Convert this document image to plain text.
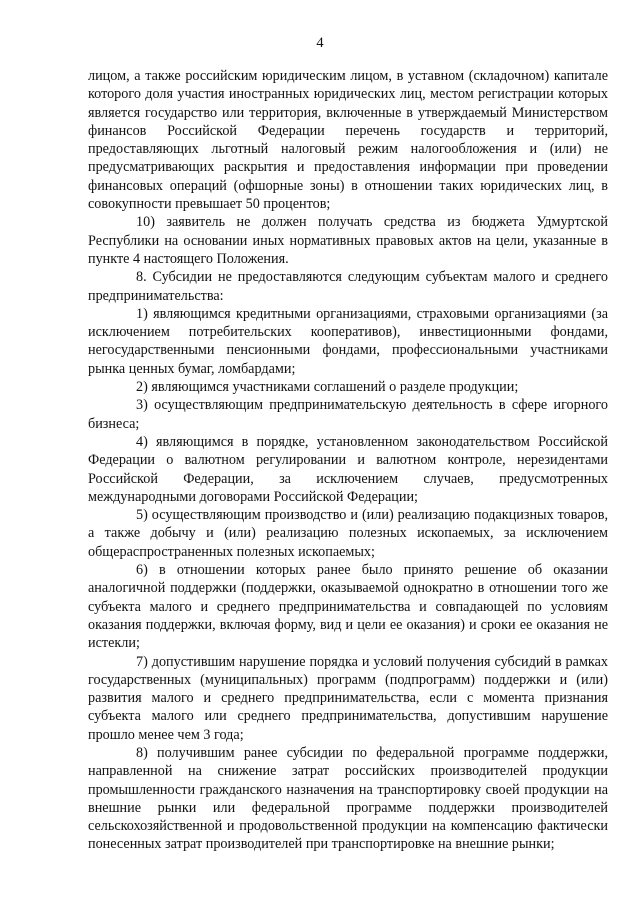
4

лицом, а также российским юридическим лицом, в уставном (складочном) капитале которого доля участия иностранных юридических лиц, местом регистрации которых является государство или территория, включенные в утверждаемый Министерством финансов Российской Федерации перечень государств и территорий, предоставляющих льготный налоговый режим налогообложения и (или) не предусматривающих раскрытия и предоставления информации при проведении финансовых операций (офшорные зоны) в отношении таких юридических лиц, в совокупности превышает 50 процентов;

10) заявитель не должен получать средства из бюджета Удмуртской Республики на основании иных нормативных правовых актов на цели, указанные в пункте 4 настоящего Положения.

8. Субсидии не предоставляются следующим субъектам малого и среднего предпринимательства:

1) являющимся кредитными организациями, страховыми организациями (за исключением потребительских кооперативов), инвестиционными фондами, негосударственными пенсионными фондами, профессиональными участниками рынка ценных бумаг, ломбардами;

2) являющимся участниками соглашений о разделе продукции;

3) осуществляющим предпринимательскую деятельность в сфере игорного бизнеса;

4) являющимся в порядке, установленном законодательством Российской Федерации о валютном регулировании и валютном контроле, нерезидентами Российской Федерации, за исключением случаев, предусмотренных международными договорами Российской Федерации;

5) осуществляющим производство и (или) реализацию подакцизных товаров, а также добычу и (или) реализацию полезных ископаемых, за исключением общераспространенных полезных ископаемых;

6) в отношении которых ранее было принято решение об оказании аналогичной поддержки (поддержки, оказываемой однократно в отношении того же субъекта малого и среднего предпринимательства и совпадающей по условиям оказания поддержки, включая форму, вид и цели ее оказания) и сроки ее оказания не истекли;

7) допустившим нарушение порядка и условий получения субсидий в рамках государственных (муниципальных) программ (подпрограмм) поддержки и (или) развития малого и среднего предпринимательства, если с момента признания субъекта малого или среднего предпринимательства, допустившим нарушение прошло менее чем 3 года;

8) получившим ранее субсидии по федеральной программе поддержки, направленной на снижение затрат российских производителей продукции промышленности гражданского назначения на транспортировку своей продукции на внешние рынки или федеральной программе поддержки производителей сельскохозяйственной и продовольственной продукции на компенсацию фактически понесенных затрат производителей при транспортировке на внешние рынки;
